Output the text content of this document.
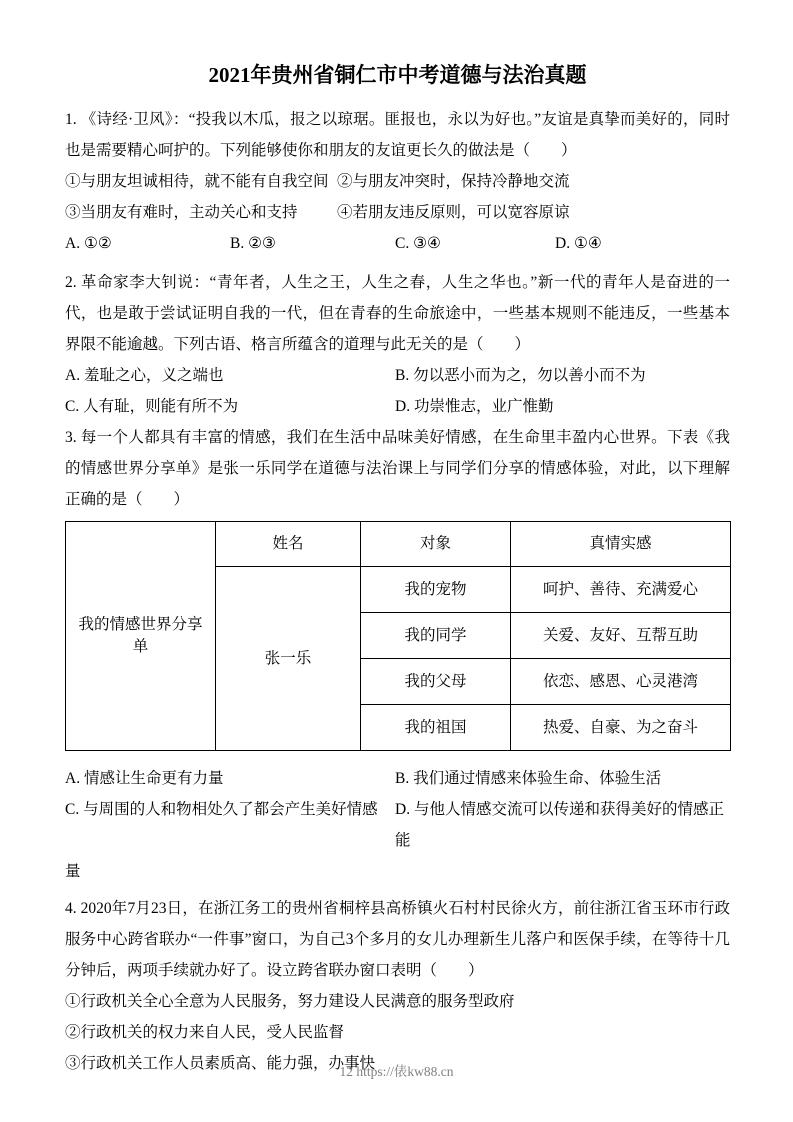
2021年贵州省铜仁市中考道德与法治真题

1. 《诗经·卫风》：“投我以木瓜，报之以琼琚。匪报也，永以为好也。”友谊是真挚而美好的，同时也是需要精心呵护的。下列能够使你和朋友的友谊更长久的做法是（　　）

①与朋友坦诚相待，就不能有自我空间 ②与朋友冲突时，保持冷静地交流
③当朋友有难时，主动关心和支持	④若朋友违反原则，可以宽容原谅
A. ①②	B. ②③	C. ③④	D. ①④

2. 革命家李大钊说：“青年者，人生之王，人生之春，人生之华也。”新一代的青年人是奋进的一代，也是敢于尝试证明自我的一代，但在青春的生命旅途中，一些基本规则不能违反，一些基本界限不能逾越。下列古语、格言所蕴含的道理与此无关的是（　　）

A. 羞耻之心，义之端也	B. 勿以恶小而为之，勿以善小而不为
C. 人有耻，则能有所不为	D. 功崇惟志，业广惟勤

3. 每一个人都具有丰富的情感，我们在生活中品味美好情感，在生命里丰盈内心世界。下表《我的情感世界分享单》是张一乐同学在道德与法治课上与同学们分享的情感体验，对此，以下理解正确的是（　　）

我的情感世界分享单	姓名	对象	真情实感
	张一乐	我的宠物	呵护、善待、充满爱心
		我的同学	关爱、友好、互帮互助
		我的父母	依恋、感恩、心灵港湾
		我的祖国	热爱、自豪、为之奋斗
A. 情感让生命更有力量	B. 我们通过情感来体验生命、体验生活
C. 与周围的人和物相处久了都会产生美好情感	D. 与他人情感交流可以传递和获得美好的情感正能
量

4. 2020年7月23日，在浙江务工的贵州省桐梓县高桥镇火石村村民徐火方，前往浙江省玉环市行政服务中心跨省联办“一件事”窗口，为自己3个多月的女儿办理新生儿落户和医保手续，在等待十几分钟后，两项手续就办好了。设立跨省联办窗口表明（　　）

①行政机关全心全意为人民服务，努力建设人民满意的服务型政府
②行政机关的权力来自人民，受人民监督
③行政机关工作人员素质高、能力强，办事快
12 https://俵kw88.cn
